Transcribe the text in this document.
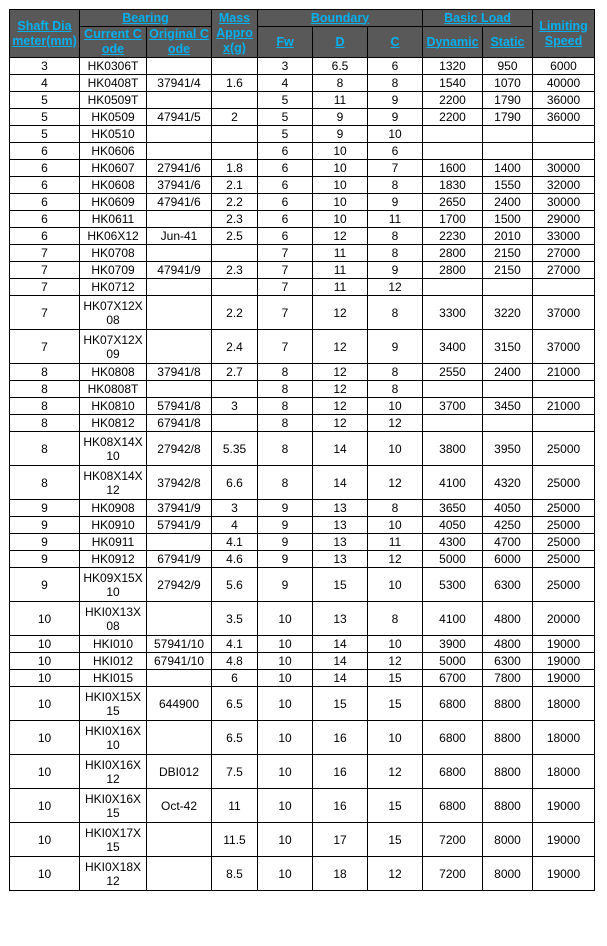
Shaft Diameter(mm)	Bearing		Mass Approx(g)	Boundary			Basic Load		Limiting Speed
	Current Code	Original Code		Fw	D	C	Dynamic	Static	

3	HK0306T			3	6.5	6	1320	950	6000
4	HK0408T	37941/4	1.6	4	8	8	1540	1070	40000
5	HK0509T			5	11	9	2200	1790	36000
5	HK0509	47941/5	2	5	9	9	2200	1790	36000
5	HK0510			5	9	10			
6	HK0606			6	10	6			
6	HK0607	27941/6	1.8	6	10	7	1600	1400	30000
6	HK0608	37941/6	2.1	6	10	8	1830	1550	32000
6	HK0609	47941/6	2.2	6	10	9	2650	2400	30000
6	HK0611		2.3	6	10	11	1700	1500	29000
6	HK06X12	Jun-41	2.5	6	12	8	2230	2010	33000
7	HK0708			7	11	8	2800	2150	27000
7	HK0709	47941/9	2.3	7	11	9	2800	2150	27000
7	HK0712			7	11	12			
7	HK07X12X08		2.2	7	12	8	3300	3220	37000
7	HK07X12X09		2.4	7	12	9	3400	3150	37000
8	HK0808	37941/8	2.7	8	12	8	2550	2400	21000
8	HK0808T			8	12	8			
8	HK0810	57941/8	3	8	12	10	3700	3450	21000
8	HK0812	67941/8		8	12	12			
8	HK08X14X10	27942/8	5.35	8	14	10	3800	3950	25000
8	HK08X14X12	37942/8	6.6	8	14	12	4100	4320	25000
9	HK0908	37941/9	3	9	13	8	3650	4050	25000
9	HK0910	57941/9	4	9	13	10	4050	4250	25000
9	HK0911		4.1	9	13	11	4300	4700	25000
9	HK0912	67941/9	4.6	9	13	12	5000	6000	25000
9	HK09X15X10	27942/9	5.6	9	15	10	5300	6300	25000
10	HKI0X13X08		3.5	10	13	8	4100	4800	20000
10	HKI010	57941/10	4.1	10	14	10	3900	4800	19000
10	HKI012	67941/10	4.8	10	14	12	5000	6300	19000
10	HKI015		6	10	14	15	6700	7800	19000
10	HKI0X15X15	644900	6.5	10	15	15	6800	8800	18000
10	HKI0X16X10		6.5	10	16	10	6800	8800	18000
10	HKI0X16X12	DBI012	7.5	10	16	12	6800	8800	18000
10	HKI0X16X15	Oct-42	11	10	16	15	6800	8800	19000
10	HKI0X17X15		11.5	10	17	15	7200	8000	19000
10	HKI0X18X12		8.5	10	18	12	7200	8000	19000
